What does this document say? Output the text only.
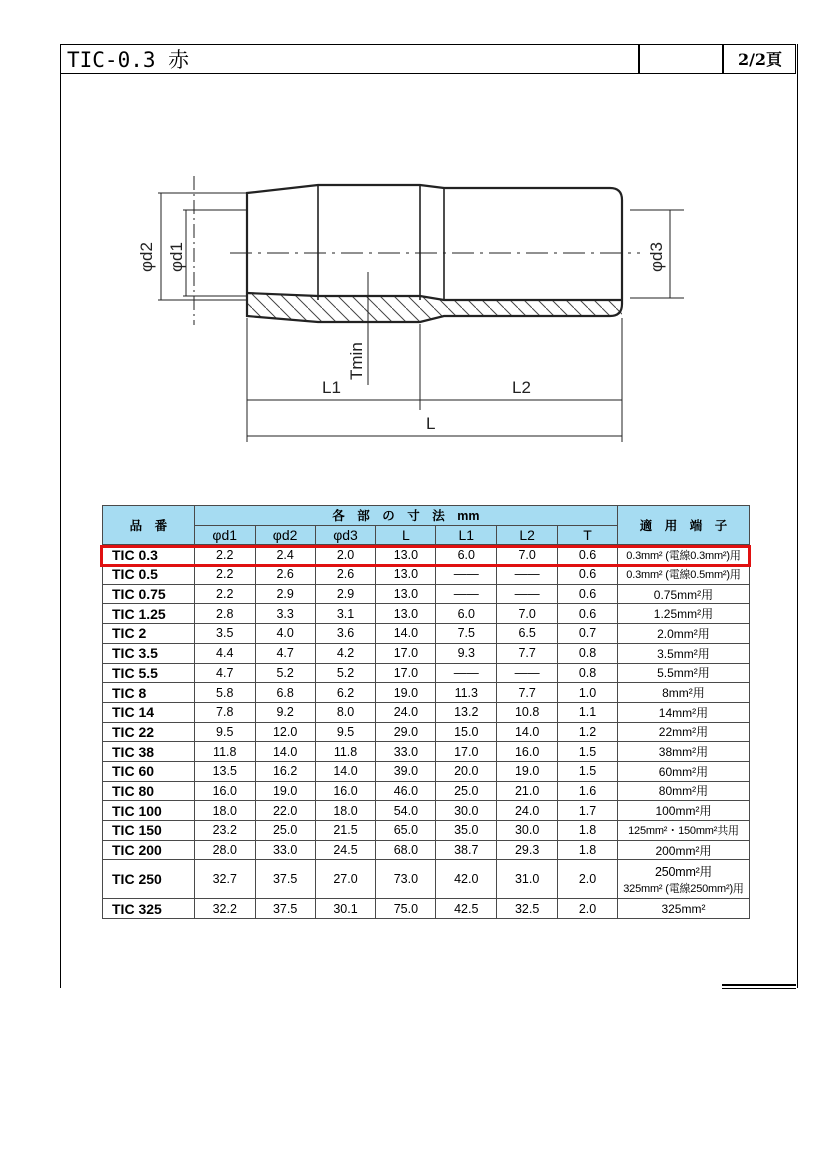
TIC-0.3 赤	2/2頁
φd2 φd1	φd3
Tmin
L1	L2
L
品　番	各　部　の　寸　法　mm							適　用　端　子
	φd1	φd2	φd3	L	L1	L2	T	
TIC 0.3	2.2	2.4	2.0	13.0	6.0	7.0	0.6	0.3mm² (電線0.3mm²)用
TIC 0.5	2.2	2.6	2.6	13.0	——	——	0.6	0.3mm² (電線0.5mm²)用
TIC 0.75	2.2	2.9	2.9	13.0	——	——	0.6	0.75mm²用
TIC 1.25	2.8	3.3	3.1	13.0	6.0	7.0	0.6	1.25mm²用
TIC 2	3.5	4.0	3.6	14.0	7.5	6.5	0.7	2.0mm²用
TIC 3.5	4.4	4.7	4.2	17.0	9.3	7.7	0.8	3.5mm²用
TIC 5.5	4.7	5.2	5.2	17.0	——	——	0.8	5.5mm²用
TIC 8	5.8	6.8	6.2	19.0	11.3	7.7	1.0	8mm²用
TIC 14	7.8	9.2	8.0	24.0	13.2	10.8	1.1	14mm²用
TIC 22	9.5	12.0	9.5	29.0	15.0	14.0	1.2	22mm²用
TIC 38	11.8	14.0	11.8	33.0	17.0	16.0	1.5	38mm²用
TIC 60	13.5	16.2	14.0	39.0	20.0	19.0	1.5	60mm²用
TIC 80	16.0	19.0	16.0	46.0	25.0	21.0	1.6	80mm²用
TIC 100	18.0	22.0	18.0	54.0	30.0	24.0	1.7	100mm²用
TIC 150	23.2	25.0	21.5	65.0	35.0	30.0	1.8	125mm²・150mm²共用
TIC 200	28.0	33.0	24.5	68.0	38.7	29.3	1.8	200mm²用
TIC 250	32.7	37.5	27.0	73.0	42.0	31.0	2.0	250mm²用
325mm² (電線250mm²)用

TIC 325	32.2	37.5	30.1	75.0	42.5	32.5	2.0	325mm²
